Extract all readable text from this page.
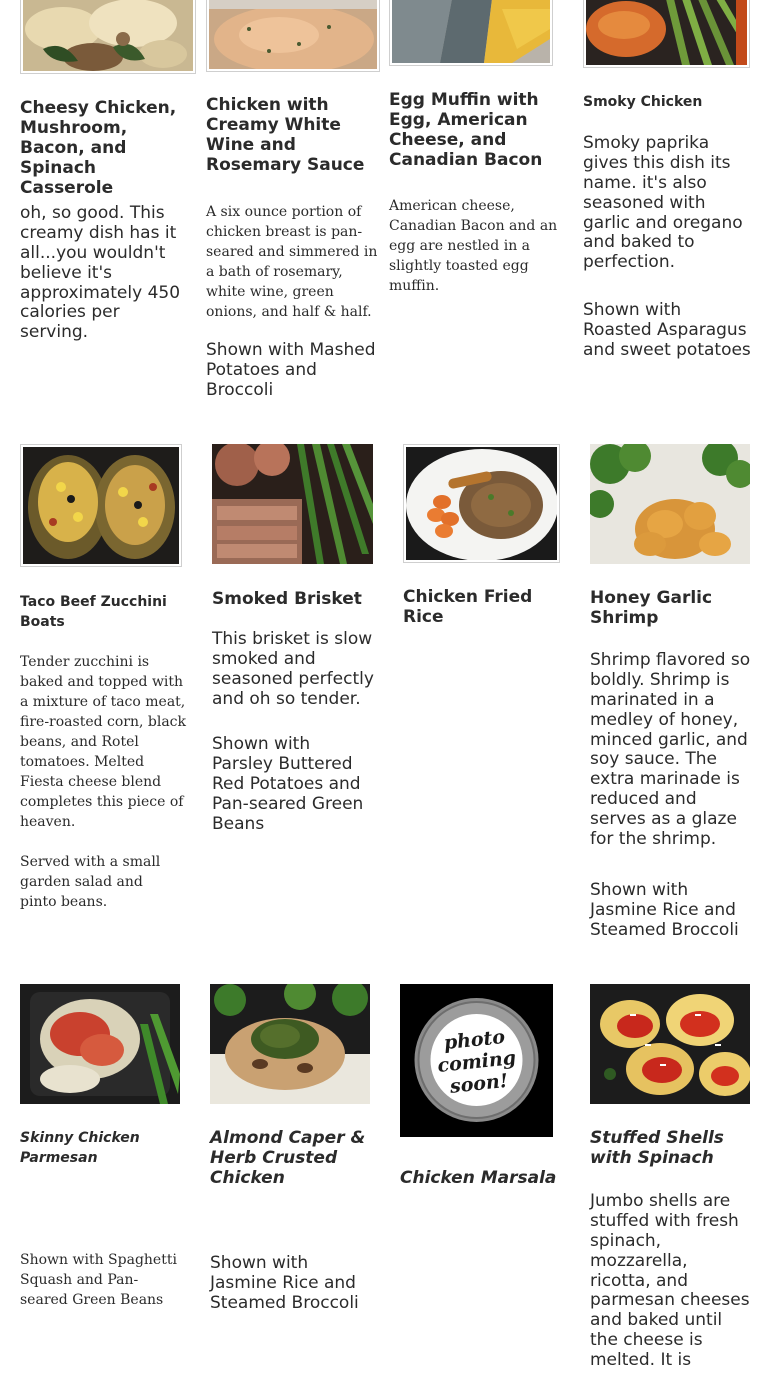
Cheesy Chicken, Mushroom, Bacon, and Spinach Casserole
oh, so good. This creamy dish has it all...you wouldn't believe it's approximately 450 calories per serving.
Chicken with Creamy White Wine and Rosemary Sauce
A six ounce portion of chicken breast is pan-seared and simmered in a bath of rosemary, white wine, green onions, and half & half.
Shown with Mashed Potatoes and Broccoli
Egg Muffin with Egg, American Cheese, and Canadian Bacon
American cheese, Canadian Bacon and an egg are nestled in a slightly toasted egg muffin.
Smoky Chicken
Smoky paprika gives this dish its name. it's also seasoned with garlic and oregano and baked to perfection.
Shown with Roasted Asparagus and sweet potatoes
Taco Beef Zucchini Boats
Tender zucchini is baked and topped with a mixture of taco meat, fire-roasted corn, black beans, and Rotel tomatoes. Melted Fiesta cheese blend completes this piece of heaven.
Served with a small garden salad and pinto beans.
Smoked Brisket
This brisket is slow smoked and seasoned perfectly and oh so tender.
Shown with Parsley Buttered Red Potatoes and Pan-seared Green Beans
Chicken Fried Rice
Honey Garlic Shrimp
Shrimp flavored so boldly. Shrimp is marinated in a medley of honey, minced garlic, and soy sauce. The extra marinade is reduced and serves as a glaze for the shrimp.
Shown with Jasmine Rice and Steamed Broccoli
Skinny Chicken Parmesan
Shown with Spaghetti Squash and Pan-seared Green Beans
Almond Caper & Herb Crusted Chicken
Shown with Jasmine Rice and Steamed Broccoli
photo
coming
soon!
Chicken Marsala
Stuffed Shells with Spinach
Jumbo shells are stuffed with fresh spinach, mozzarella, ricotta, and parmesan cheeses and baked until the cheese is melted. It is
